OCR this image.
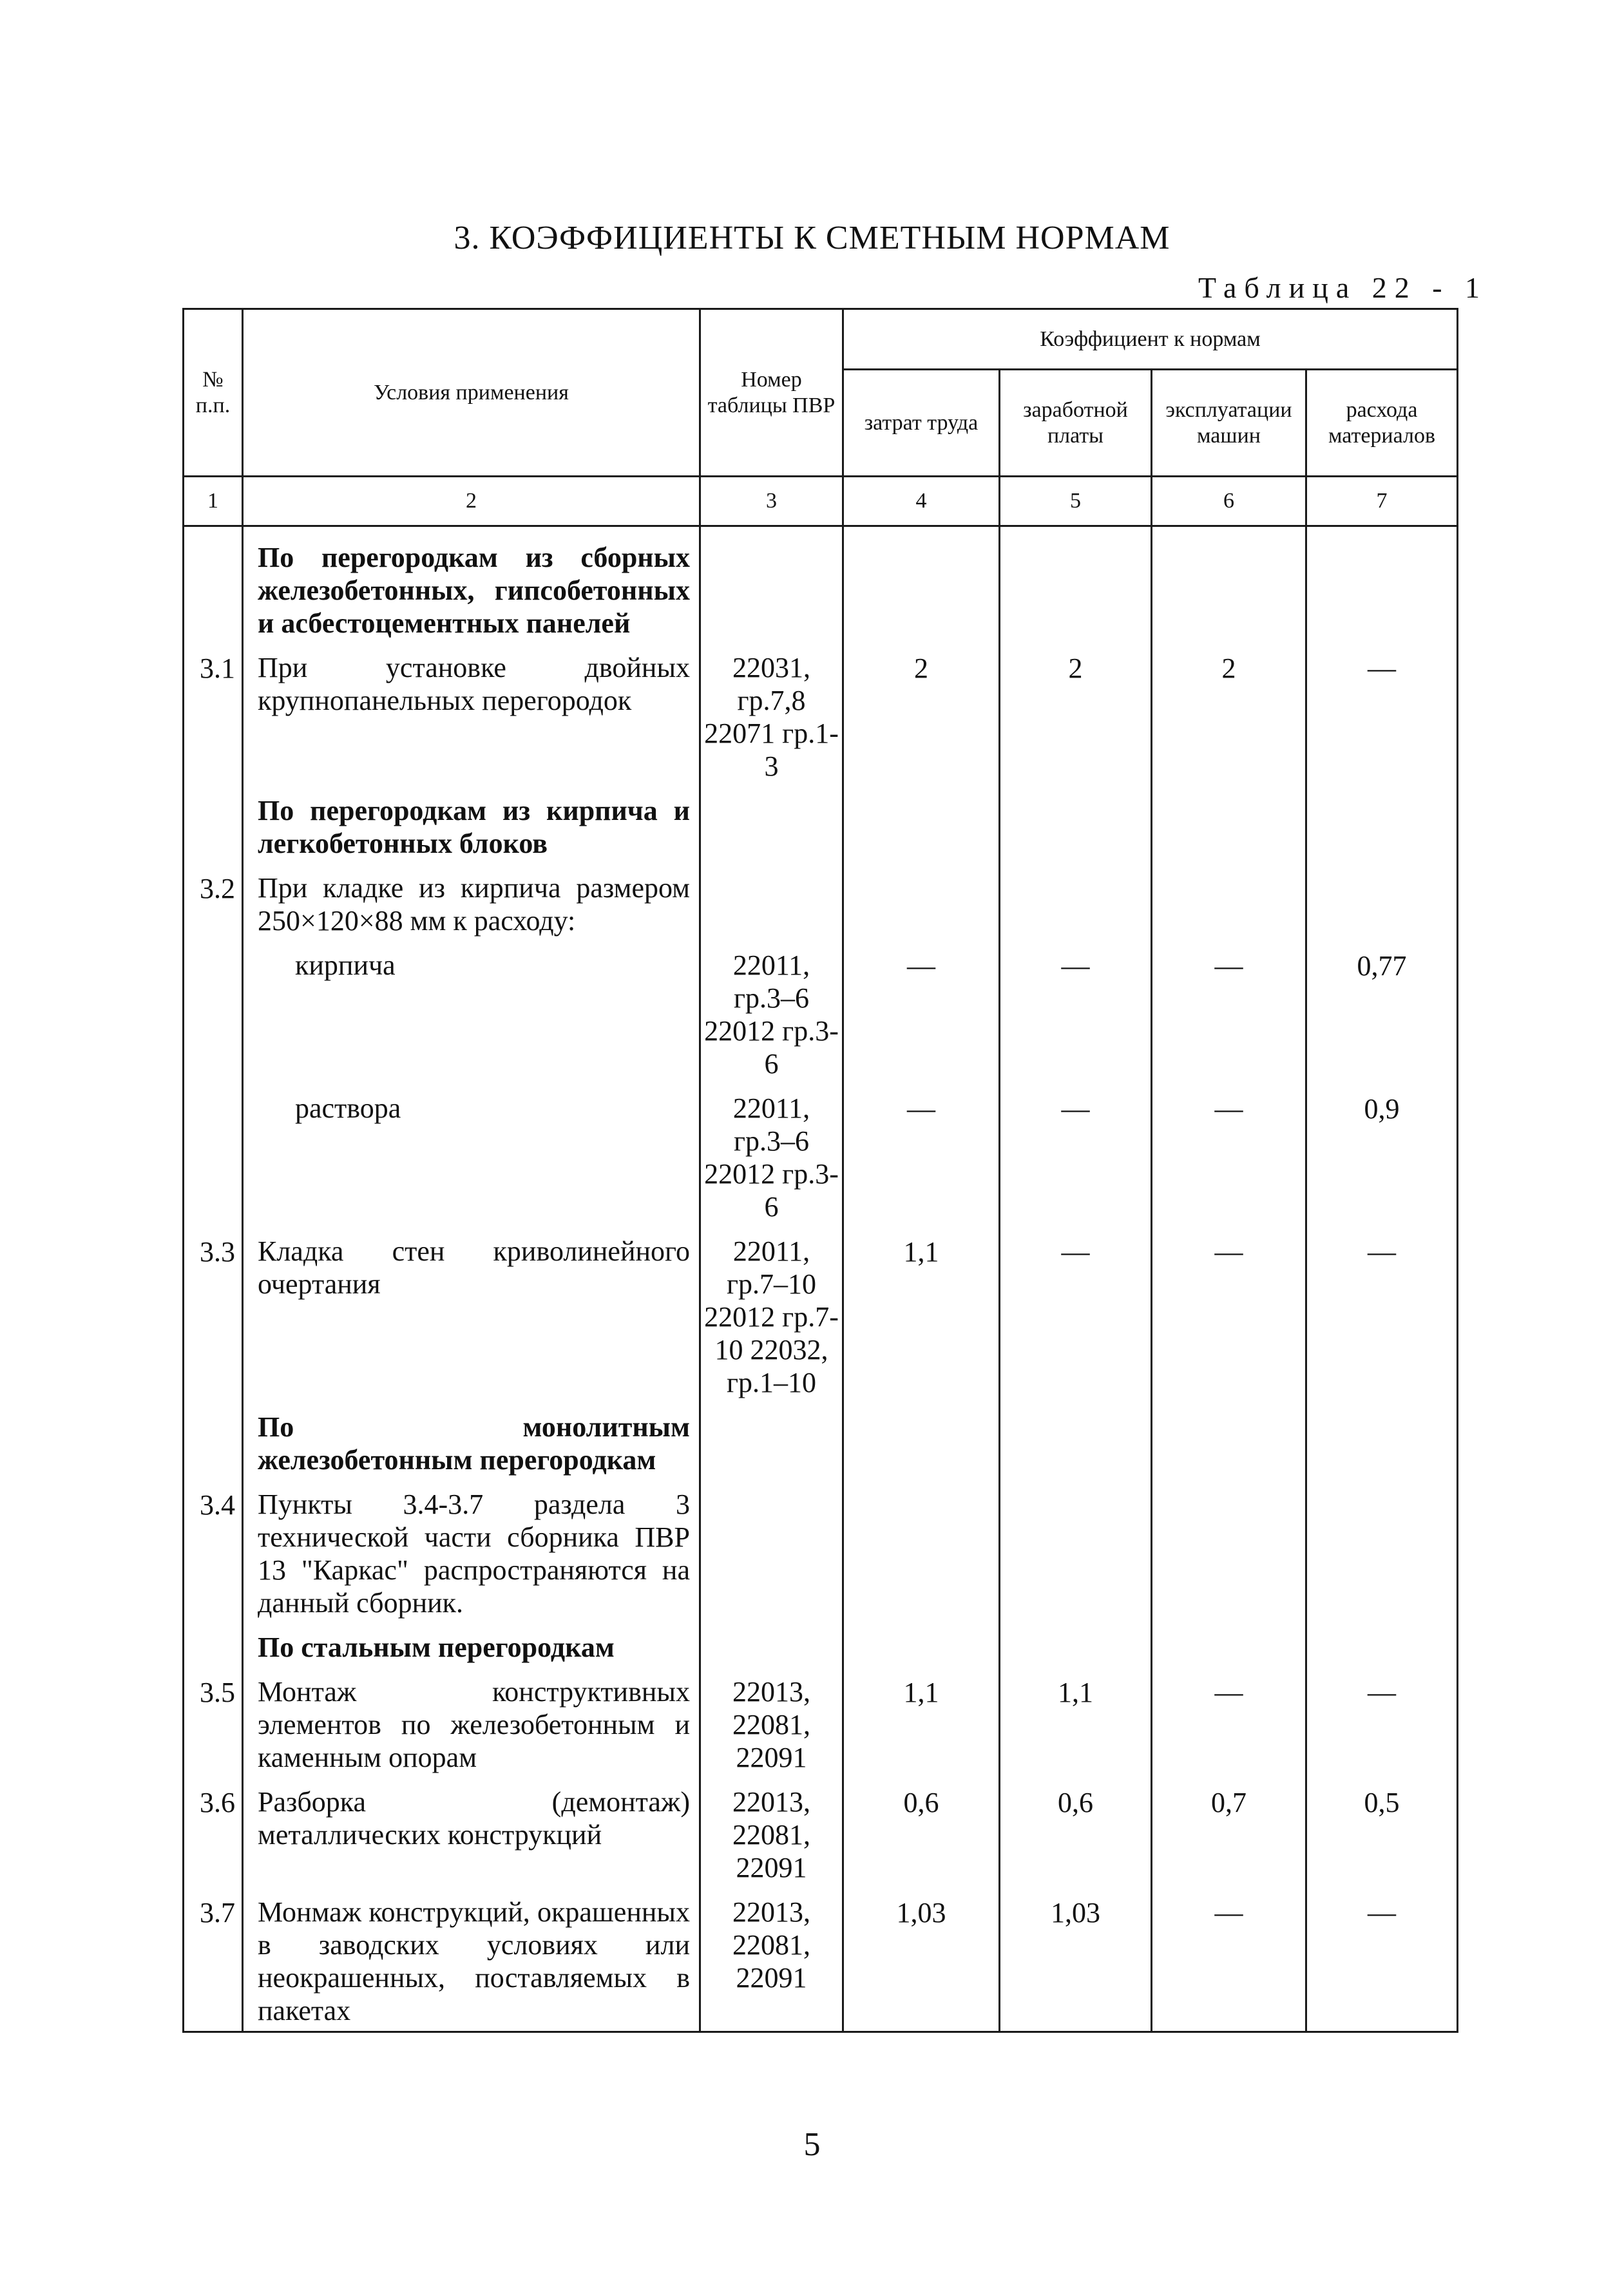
3. КОЭФФИЦИЕНТЫ К СМЕТНЫМ НОРМАМ
Таблица 22 - 1
№ п.п.	Условия применения	Номер таблицы ПВР	Коэффициент к нормам			
			затрат труда	заработной платы	эксплуатации машин	расхода материалов
1	2	3	4	5	6	7
	По перегородкам из сборных железобетонных, гипсобетонных и асбестоцементных панелей					
3.1	При установке двойных крупнопанельных перегородок	22031, гр.7,8 22071 гр.1-3	2	2	2	—
	По перегородкам из кирпича и легкобетонных блоков					
3.2	При кладке из кирпича размером 250×120×88 мм к расходу:					

	кирпича	22011, гр.3–6 22012 гр.3-6	—	—	—	0,77

	раствора	22011, гр.3–6 22012 гр.3-6	—	—	—	0,9
3.3	Кладка стен криволинейного очертания	22011, гр.7–10 22012 гр.7-10 22032, гр.1–10	1,1	—	—	—
	По монолитным железобетонным перегородкам					
3.4	Пункты 3.4-3.7 раздела 3 технической части сборника ПВР 13 "Каркас" распространяются на данный сборник.					
	По стальным перегородкам					
3.5	Монтаж конструктивных элементов по железобетонным и каменным опорам	22013, 22081, 22091	1,1	1,1	—	—
3.6	Разборка (демонтаж) металлических конструкций	22013, 22081, 22091	0,6	0,6	0,7	0,5
3.7	Монмаж конструкций, окрашенных в заводских условиях или неокрашенных, поставляемых в пакетах	22013, 22081, 22091	1,03	1,03	—	—
5
